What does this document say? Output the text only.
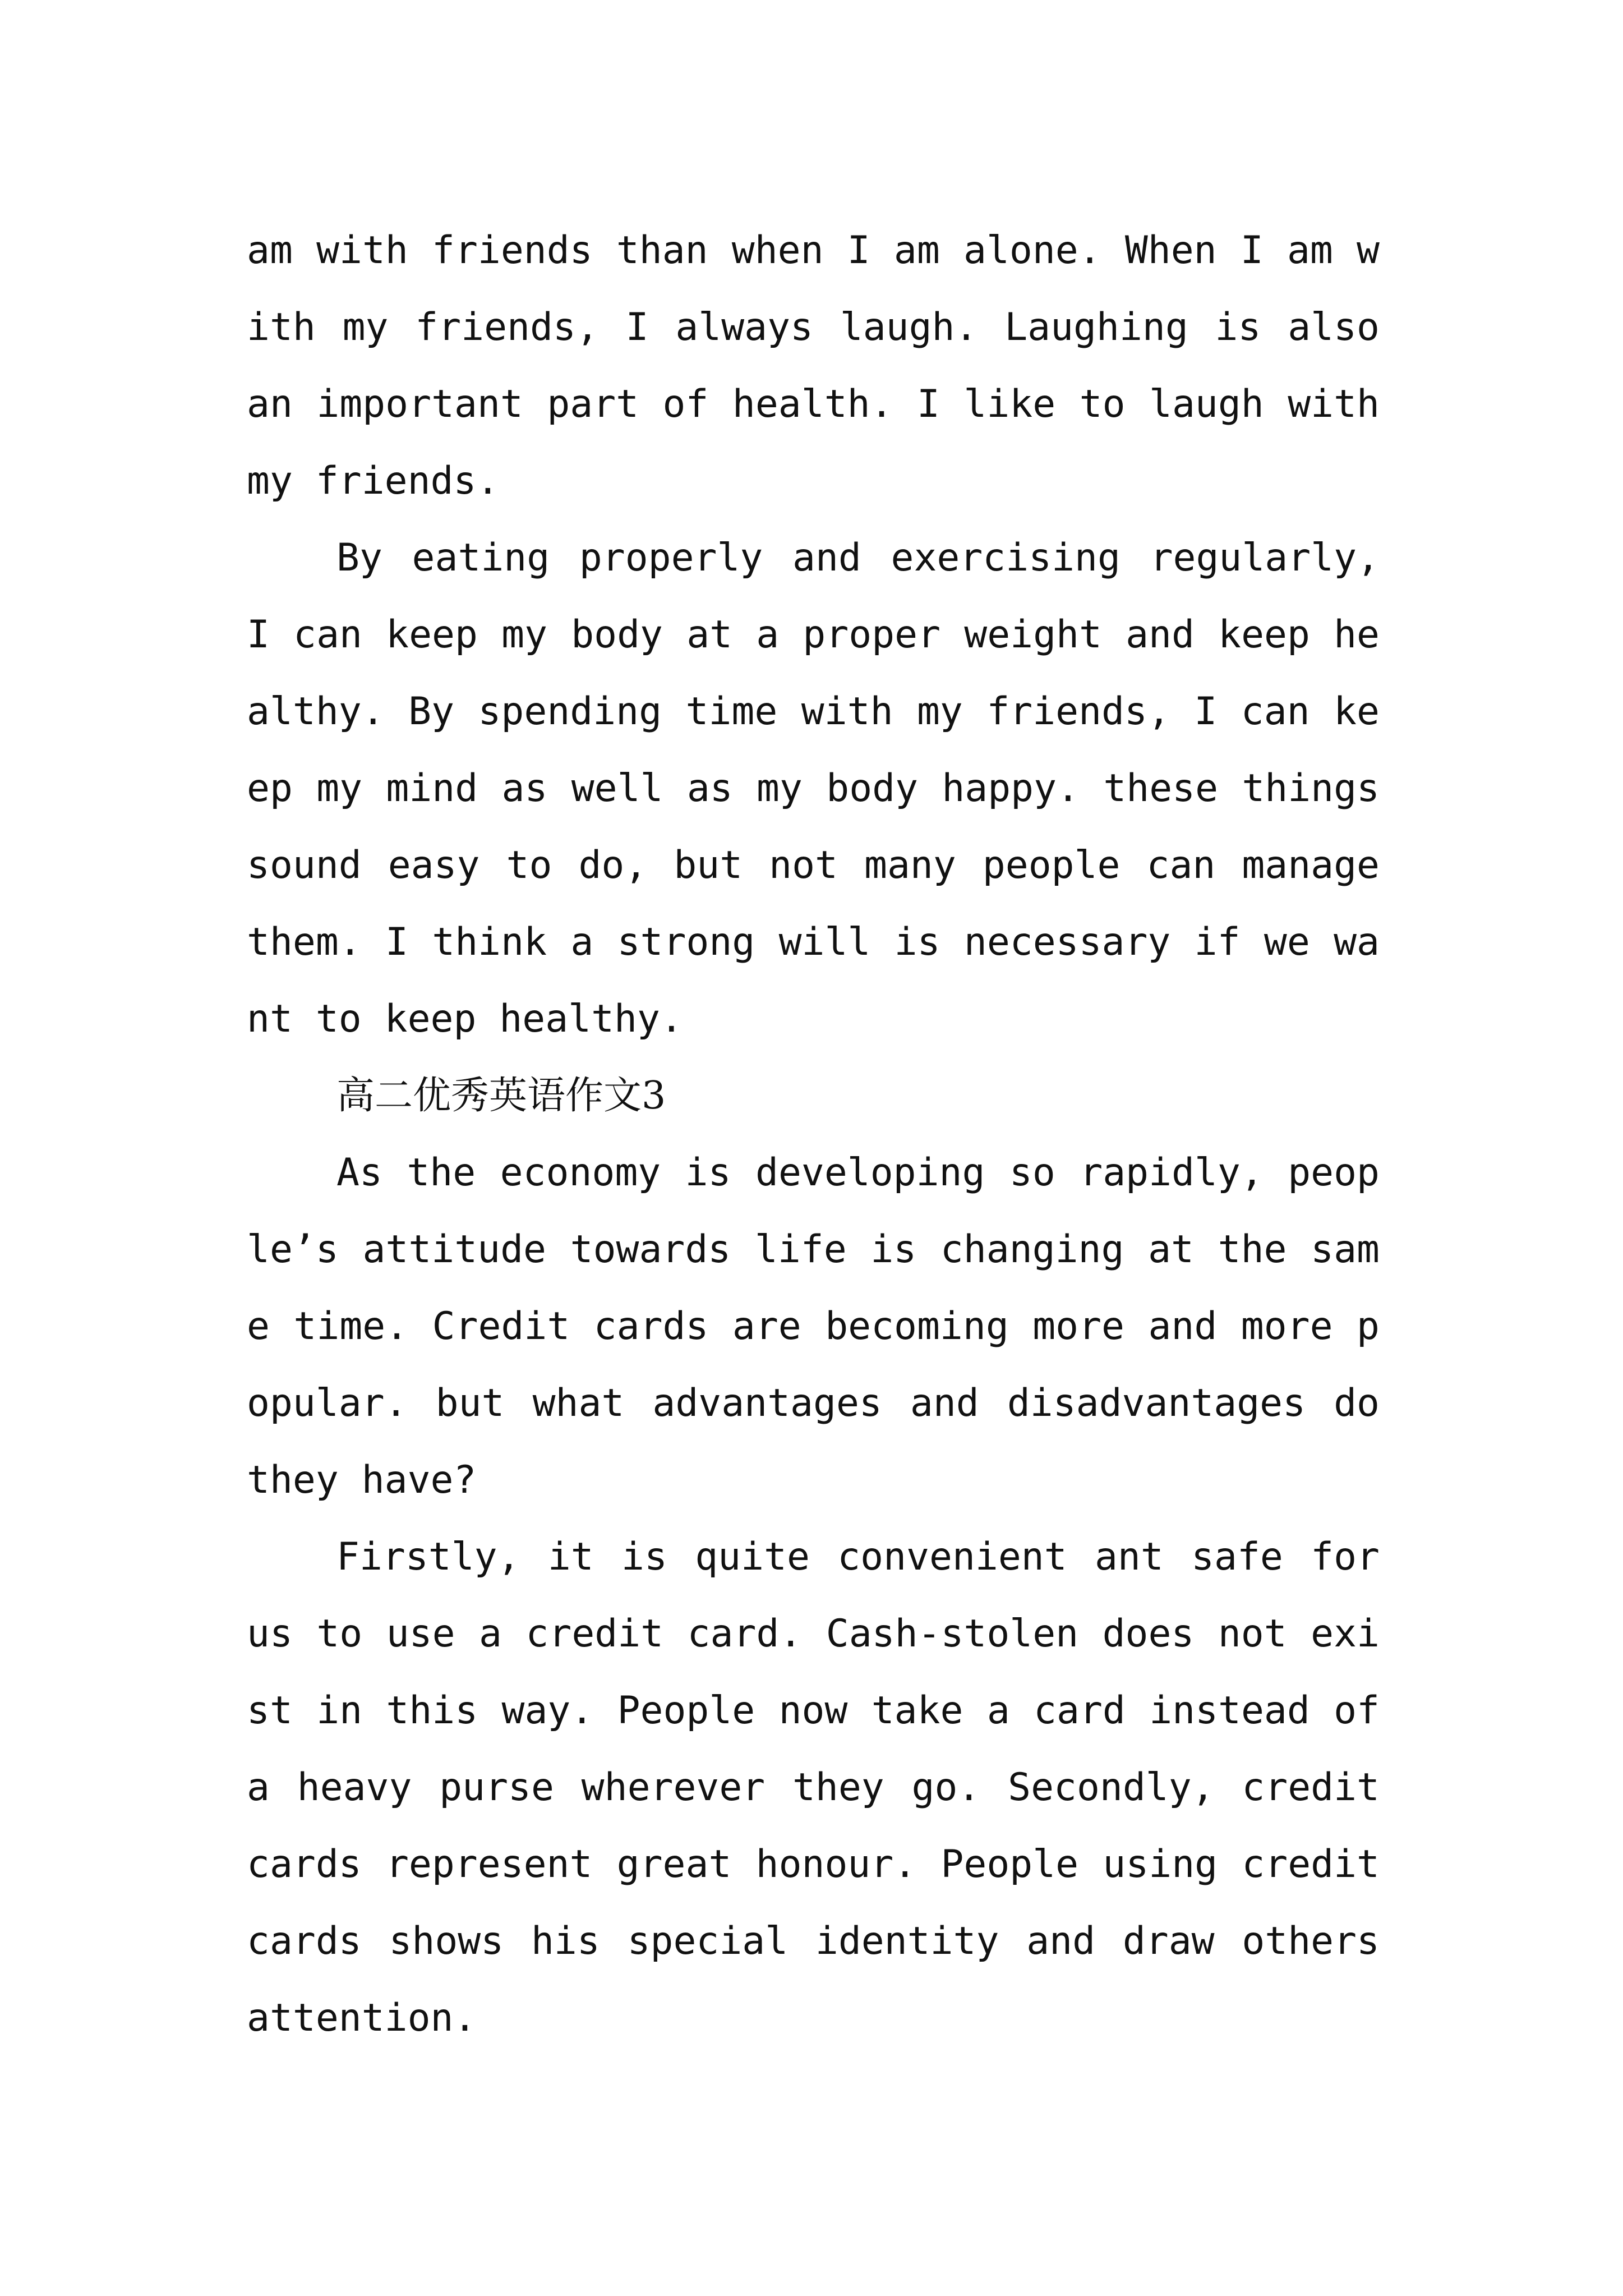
am with friends than when I am alone. When I am with my friends, I always laugh. Laughing is also an important part of health. I like to laugh with my friends.

By eating properly and exercising regularly, I can keep my body at a proper weight and keep healthy. By spending time with my friends, I can keep my mind as well as my body happy. these things sound easy to do, but not many people can manage them. I think a strong will is necessary if we want to keep healthy.

高二优秀英语作文3

As the economy is developing so rapidly, people’s attitude towards life is changing at the same time. Credit cards are becoming more and more popular. but what advantages and disadvantages do they have?

Firstly, it is quite convenient ant safe for us to use a credit card. Cash-stolen does not exist in this way. People now take a card instead of a heavy purse wherever they go. Secondly, credit cards represent great honour. People using credit cards shows his special identity and draw others attention.
